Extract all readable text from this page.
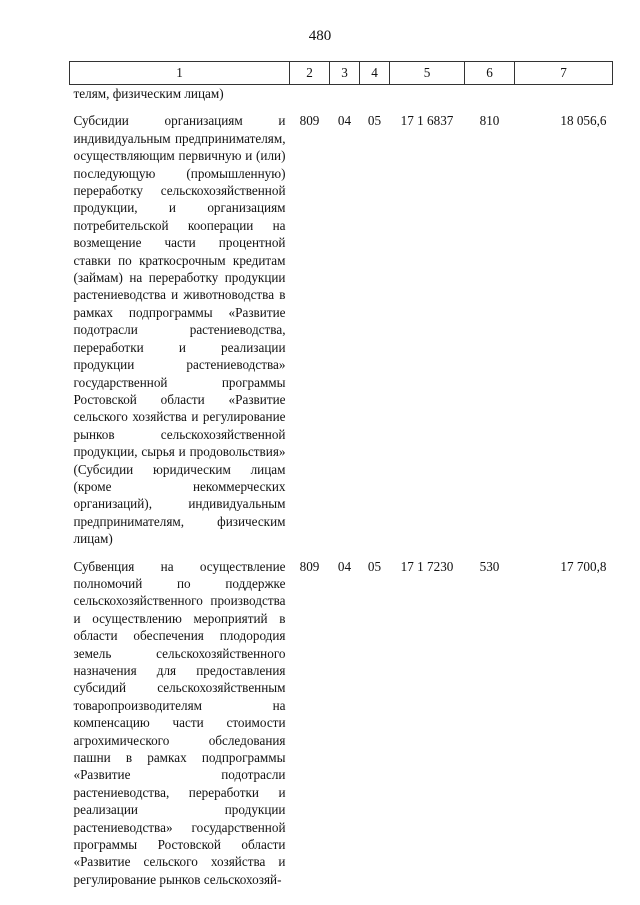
480
1	2	3	4	5	6	7
телям, физическим лицам)						
Субсидии организациям и индивидуальным предпринимателям, осуществляющим первичную и (или) последующую (промышленную) переработку сельскохозяйственной продукции, и организациям потребительской кооперации на возмещение части процентной ставки по краткосрочным кредитам (займам) на переработку продукции растениеводства и животноводства в рамках подпрограммы «Развитие подотрасли растениеводства, переработки и реализации продукции растениеводства» государственной программы Ростовской области «Развитие сельского хозяйства и регулирование рынков сельскохозяйственной продукции, сырья и продовольствия» (Субсидии юридическим лицам (кроме некоммерческих организаций), индивидуальным предпринимателям, физическим лицам)	809	04	05	17 1 6837	810	18 056,6
Субвенция на осуществление полномочий по поддержке сельскохозяйственного производства и осуществлению мероприятий в области обеспечения плодородия земель сельскохозяйственного назначения для предоставления субсидий сельскохозяйственным товаропроизводителям на компенсацию части стоимости агрохимического обследования пашни в рамках подпрограммы «Развитие подотрасли растениеводства, переработки и реализации продукции растениеводства» государственной программы Ростовской области «Развитие сельского хозяйства и регулирование рынков сельскохозяй-	809	04	05	17 1 7230	530	17 700,8
